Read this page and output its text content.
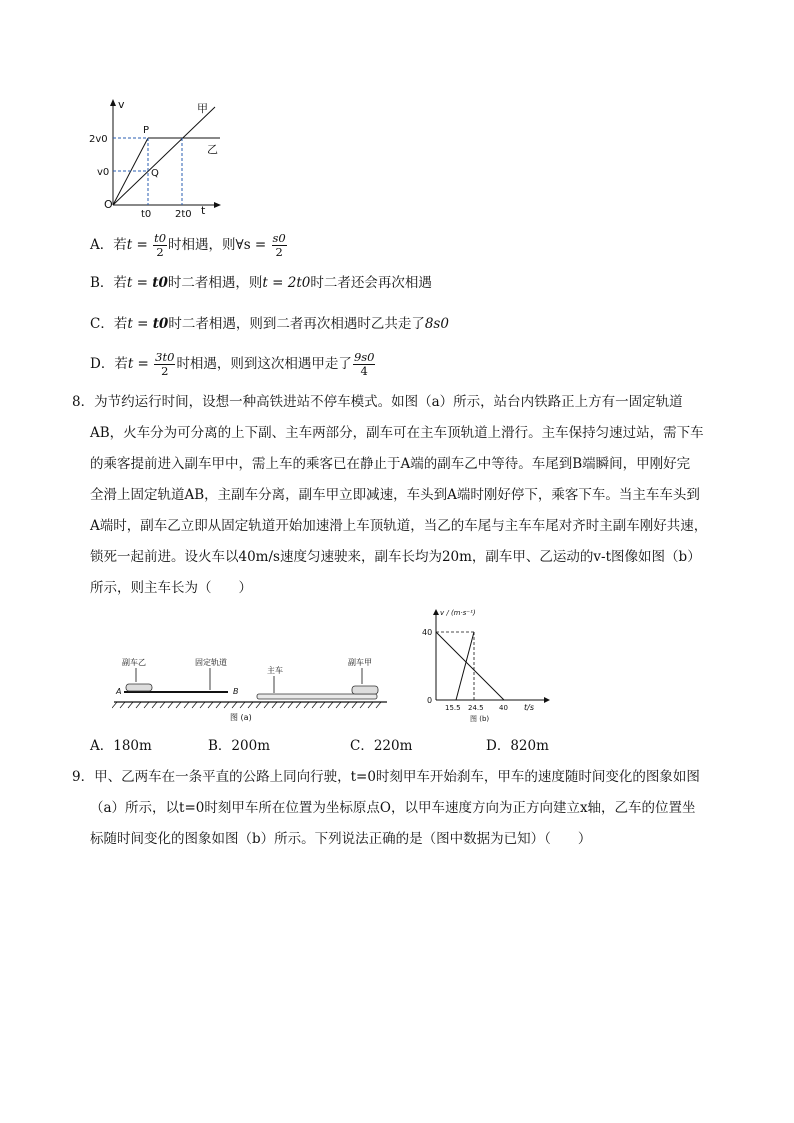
v	甲
乙
P
Q
O
2v0
v0
t0 2t0 t
A．若$t = \frac{t0}{2}$ 时相遇，则∀s = $\frac{s0}{2}$
B．若t = t0时二者相遇，则t = 2t0时二者还会再次相遇
C．若t = t0时二者相遇，则到二者再次相遇时乙共走了8s0
D．若$t = \frac{3t0}{2}$ 时相遇，则到这次相遇甲走了 $\frac{9s0}{4}$
8．为节约运行时间，设想一种高铁进站不停车模式。如图（a）所示，站台内铁路正上方有一固定轨道
AB，火车分为可分离的上下副、主车两部分，副车可在主车顶轨道上滑行。主车保持匀速过站，需下车
的乘客提前进入副车甲中，需上车的乘客已在静止于A端的副车乙中等待。车尾到B端瞬间，甲刚好完
全滑上固定轨道AB，主副车分离，副车甲立即减速，车头到A端时刚好停下，乘客下车。当主车车头到
A端时，副车乙立即从固定轨道开始加速滑上车顶轨道，当乙的车尾与主车车尾对齐时主副车刚好共速，
锁死一起前进。设火车以40m/s速度匀速驶来，副车长均为20m，副车甲、乙运动的v-t图像如图（b）
所示，则主车长为（　　）
副车乙	固定轨道
主车
副车甲
A	B
图 (a)
v / (m·s⁻¹)
40
0
15.5 24.5 40 t/s
图 (b)
A．180m	B．200m	C．220m	D．820m
9．甲、乙两车在一条平直的公路上同向行驶，t=0时刻甲车开始刹车，甲车的速度随时间变化的图象如图
（a）所示，以t=0时刻甲车所在位置为坐标原点O，以甲车速度方向为正方向建立x轴，乙车的位置坐
标随时间变化的图象如图（b）所示。下列说法正确的是（图中数据为已知）（　　）
